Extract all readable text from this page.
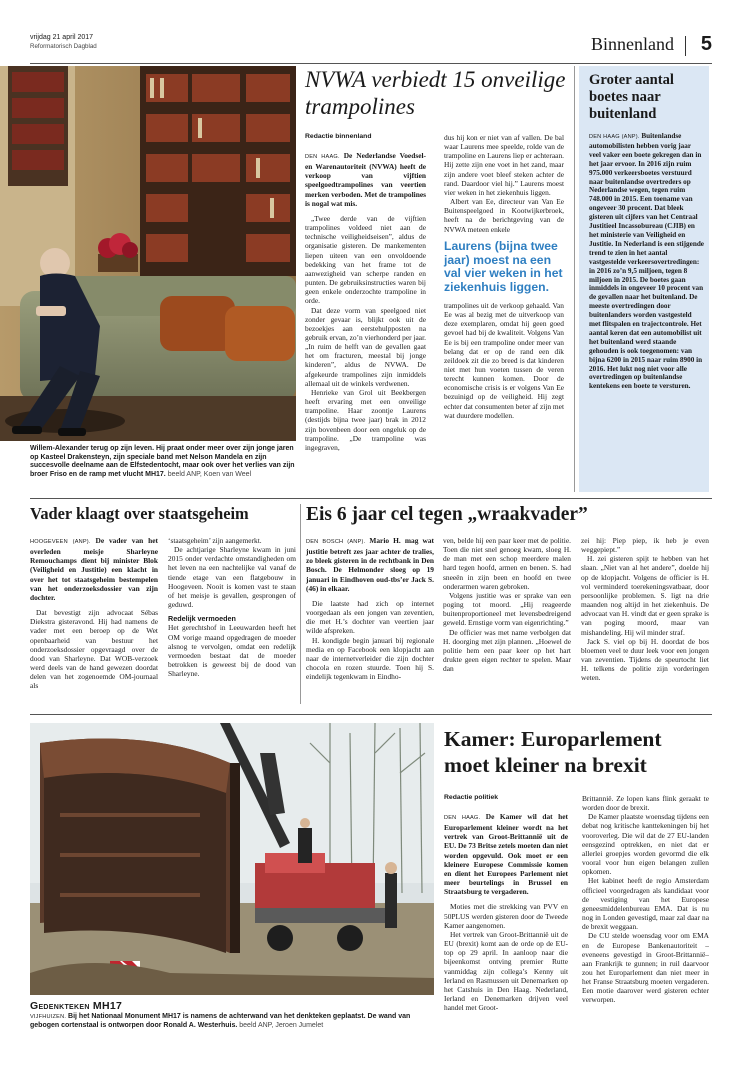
vrijdag 21 april 2017
Reformatorisch Dagblad	Binnenland 5
Willem-Alexander terug op zijn leven. Hij praat onder meer over zijn jonge jaren op Kasteel Drakensteyn, zijn speciale band met Nelson Mandela en zijn succesvolle deelname aan de Elfstedentocht, maar ook over het verlies van zijn broer Friso en de ramp met vlucht MH17. beeld ANP, Koen van Weel
NVWA verbiedt 15 onveilige trampolines
Redactie binnenland

DEN HAAG. De Nederlandse Voedsel- en Warenautoriteit (NVWA) heeft de verkoop van vijftien speelgoedtrampolines van veertien merken verboden. Met de trampolines is nogal wat mis.

„Twee derde van de vijftien trampolines voldeed niet aan de technische veiligheidseisen”, aldus de organisatie gisteren. De mankementen liepen uiteen van een onvoldoende bedekking van het frame tot de aanwezigheid van scherpe randen en punten. De gebruiksinstructies waren bij geen enkele onderzochte trampoline in orde.

Dat deze vorm van speelgoed niet zonder gevaar is, blijkt ook uit de bezoekjes aan eerstehulpposten na gebruik ervan, zo’n vierhonderd per jaar. „In ruim de helft van de gevallen gaat het om fracturen, meestal bij jonge kinderen”, aldus de NVWA. De afgekeurde trampolines zijn inmiddels allemaal uit de winkels verdwenen.

Henrieke van Grol uit Beekbergen heeft ervaring met een onveilige trampoline. Haar zoontje Laurens (destijds bijna twee jaar) brak in 2012 zijn bovenbeen door een ongeluk op de trampoline. „De trampoline was ingegraven,

dus hij kon er niet van af vallen. De bal waar Laurens mee speelde, rolde van de trampoline en Laurens liep er achteraan. Hij zette zijn ene voet in het zand, maar zijn andere voet bleef steken achter de rand. Daardoor viel hij.” Laurens moest vier weken in het ziekenhuis liggen.

Albert van Ee, directeur van Van Ee Buitenspeelgoed in Kootwijkerbroek, heeft na de berichtgeving van de NVWA meteen enkele

Laurens (bijna twee jaar) moest na een val vier weken in het ziekenhuis liggen.

trampolines uit de verkoop gehaald. Van Ee was al bezig met de uitverkoop van deze exemplaren, omdat hij geen goed gevoel had bij de kwaliteit. Volgens Van Ee is bij een trampoline onder meer van belang dat er op de rand een dik zeildoek zit die zo breed is dat kinderen niet met hun voeten tussen de veren terecht kunnen komen. Door de economische crisis is er volgens Van Ee bezuinigd op de veiligheid. Hij zegt echter dat consumenten beter af zijn met wat duurdere modellen.

Groter aantal boetes naar buitenland

DEN HAAG (ANP). Buitenlandse automobilisten hebben vorig jaar veel vaker een boete gekregen dan in het jaar ervoor. In 2016 zijn ruim 975.000 verkeersboetes verstuurd naar buitenlandse overtreders op Nederlandse wegen, tegen ruim 748.000 in 2015. Een toename van ongeveer 30 procent. Dat bleek gisteren uit cijfers van het Centraal Justitieel Incassobureau (CJIB) en het ministerie van Veiligheid en Justitie. In Nederland is een stijgende trend te zien in het aantal vastgestelde verkeersovertredingen: in 2016 zo’n 9,5 miljoen, tegen 8 miljoen in 2015. De boetes gaan inmiddels in ongeveer 10 procent van de gevallen naar het buitenland. De meeste overtredingen door buitenlanders worden vastgesteld met flitspalen en trajectcontrole. Het aantal keren dat een automobilist uit het buitenland werd staande gehouden is ook toegenomen: van bijna 6200 in 2015 naar ruim 8900 in 2016. Het lukt nog niet voor alle overtredingen op buitenlandse kentekens een boete te versturen.

Vader klaagt over staatsgeheim

HOOGEVEEN (ANP). De vader van het overleden meisje Sharleyne Remouchamps dient bij minister Blok (Veiligheid en Justitie) een klacht in over het tot staatsgeheim bestempelen van het onderzoeksdossier van zijn dochter.

Dat bevestigt zijn advocaat Sébas Diekstra gisteravond. Hij had namens de vader met een beroep op de Wet openbaarheid van bestuur het onderzoeksdossier opgevraagd over de dood van Sharleyne. Dat WOB-verzoek werd deels van de hand gewezen doordat delen van het zogenoemde OM-journaal als

‘staatsgeheim’ zijn aangemerkt.

De achtjarige Sharleyne kwam in juni 2015 onder verdachte omstandigheden om het leven na een nachtelijke val vanaf de tiende etage van een flatgebouw in Hoogeveen. Nooit is komen vast te staan of het meisje is gevallen, gesprongen of geduwd.

Redelijk vermoeden

Het gerechtshof in Leeuwarden heeft het OM vorige maand opgedragen de moeder alsnog te vervolgen, omdat een redelijk vermoeden bestaat dat de moeder betrokken is geweest bij de dood van Sharleyne.

Eis 6 jaar cel tegen „wraakvader”

DEN BOSCH (ANP). Mario H. mag wat justitie betreft zes jaar achter de tralies, zo bleek gisteren in de rechtbank in Den Bosch. De Helmonder sloeg op 19 januari in Eindhoven oud-tbs’er Jack S. (46) in elkaar.

Die laatste had zich op internet voorgedaan als een jongen van zeventien, die met H.’s dochter van veertien jaar wilde afspreken.

H. kondigde begin januari bij regionale media en op Facebook een klopjacht aan naar de internetverleider die zijn dochter chocola en rozen stuurde. Toen hij S. eindelijk tegenkwam in Eindho-

ven, belde hij een paar keer met de politie. Toen die niet snel genoeg kwam, sloeg H. de man met een schop meerdere malen hard tegen hoofd, armen en benen. S. had sneeën in zijn been en hoofd en twee onderarmen waren gebroken.

Volgens justitie was er sprake van een poging tot moord. „Hij reageerde buitenproportioneel met levensbedreigend geweld. Ernstige vorm van eigenrichting.”

De officier was met name verbolgen dat H. doorging met zijn plannen. „Hoewel de politie hem een paar keer op het hart drukte geen eigen rechter te spelen. Maar dan

zei hij: Piep piep, ik heb je even weggepiept.”

H. zei gisteren spijt te hebben van het slaan. „Niet van al het andere”, doelde hij op de klopjacht. Volgens de officier is H. vol verminderd toerekeningsvatbaar, door persoonlijke problemen. S. ligt na drie maanden nog altijd in het ziekenhuis. De advocaat van H. vindt dat er geen sprake is van poging moord, maar van mishandeling. Hij wil minder straf.

Jack S. viel op bij H. doordat de bos bloemen veel te duur leek voor een jongen van zeventien. Tijdens de speurtocht liet H. telkens de politie zijn vorderingen weten.

Gedenkteken MH17
VIJFHUIZEN. Bij het Nationaal Monument MH17 is namens de achterwand van het denkteken geplaatst. De wand van gebogen cortenstaal is ontworpen door Ronald A. Westerhuis. beeld ANP, Jeroen Jumelet
Kamer: Europarlement moet kleiner na brexit
Redactie politiek

DEN HAAG. De Kamer wil dat het Europarlement kleiner wordt na het vertrek van Groot-Brittannië uit de EU. De 73 Britse zetels moeten dan niet worden opgevuld. Ook moet er een kleinere Europese Commissie komen en dient het Europees Parlement niet meer beurtelings in Brussel en Straatsburg te vergaderen.

Moties met die strekking van PVV en 50PLUS werden gisteren door de Tweede Kamer aangenomen.

Het vertrek van Groot-Brittannië uit de EU (brexit) komt aan de orde op de EU-top op 29 april. In aanloop naar die bijeenkomst ontving premier Rutte vanmiddag zijn collega’s Kenny uit Ierland en Rasmussen uit Denemarken op het Catshuis in Den Haag. Nederland, Ierland en Denemarken drijven veel handel met Groot-

Brittannië. Ze lopen kans flink geraakt te worden door de brexit.

De Kamer plaatste woensdag tijdens een debat nog kritische kanttekeningen bij het vooroverleg. Die wil dat de 27 EU-landen eensgezind optrekken, en niet dat er allerlei groepjes worden gevormd die elk vooral voor hun eigen belangen zullen opkomen.

Het kabinet heeft de regio Amsterdam officieel voorgedragen als kandidaat voor de vestiging van het Europese geneesmiddelenbureau EMA. Dat is nu nog in Londen gevestigd, maar zal daar na de brexit weggaan.

De CU stelde woensdag voor om EMA en de Europese Bankenautoriteit –eveneens gevestigd in Groot-Brittannië– aan Frankrijk te gunnen; in ruil daarvoor zou het Europarlement dan niet meer in het Franse Straatsburg moeten vergaderen. Een motie daarover werd gisteren echter verworpen.
